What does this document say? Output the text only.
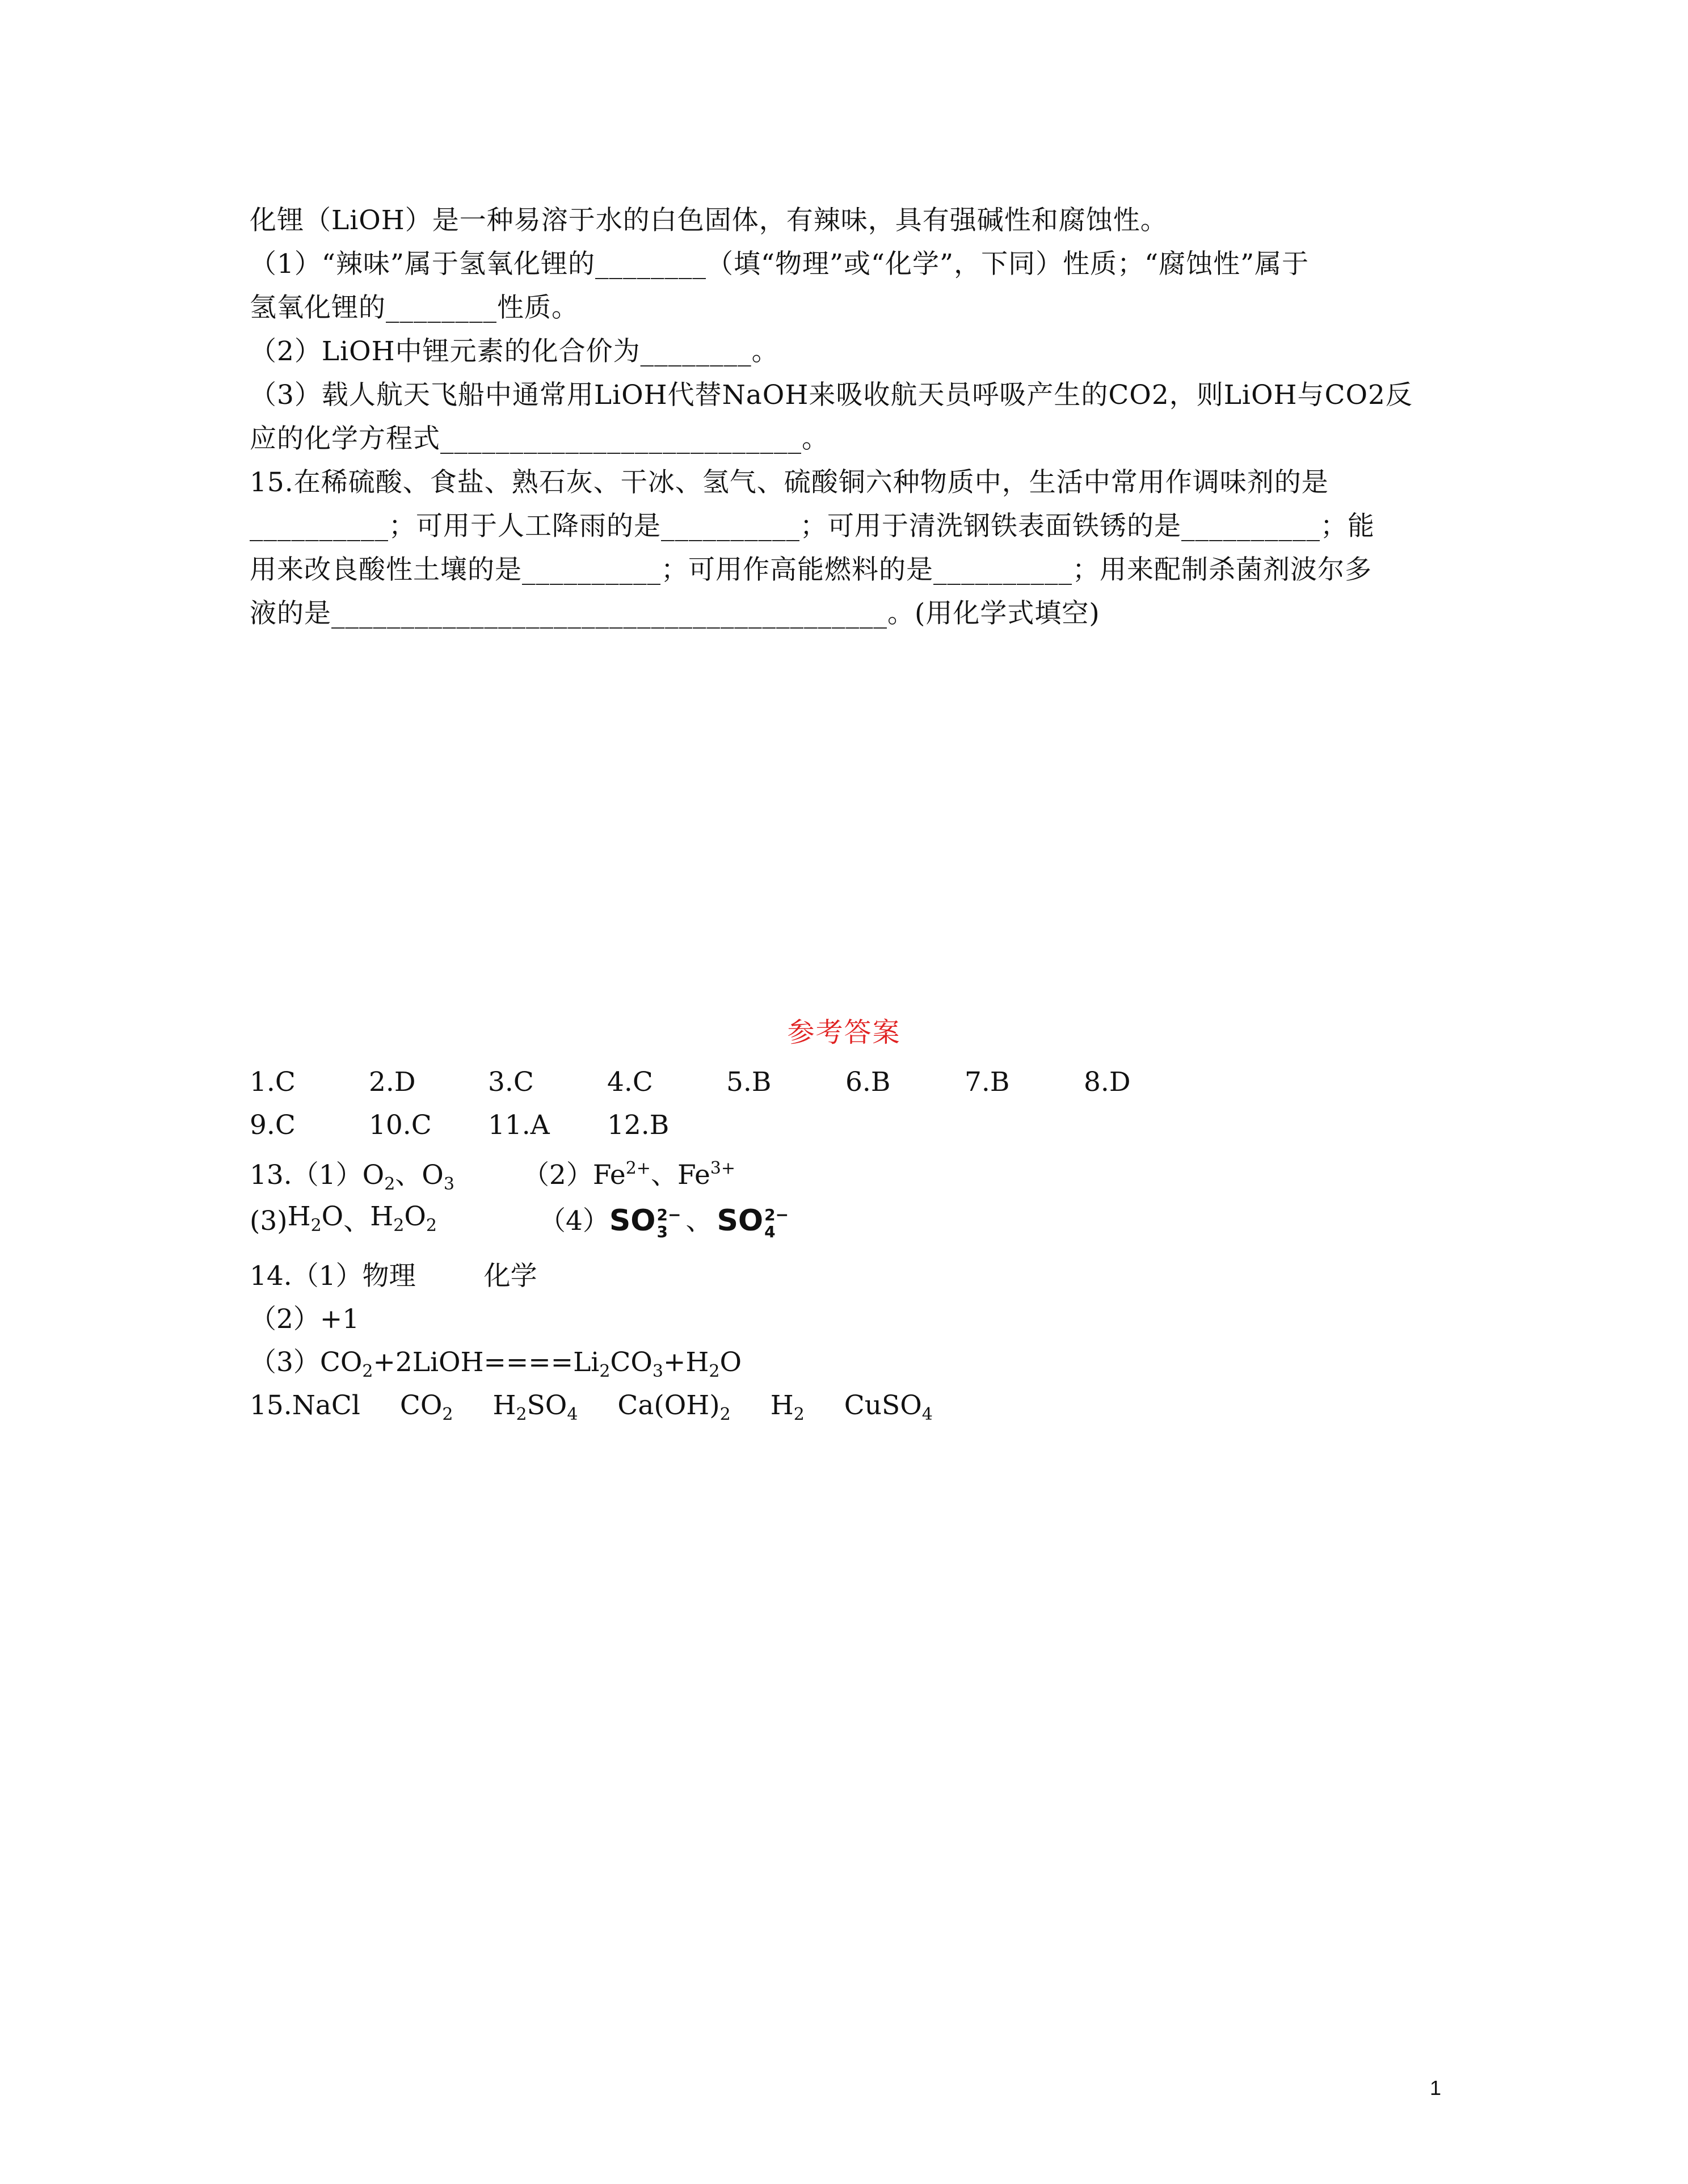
化锂（LiOH）是一种易溶于水的白色固体，有辣味，具有强碱性和腐蚀性。

（1）“辣味”属于氢氧化锂的________（填“物理”或“化学”，下同）性质；“腐蚀性”属于

氢氧化锂的________性质。

（2）LiOH中锂元素的化合价为________。

（3）载人航天飞船中通常用LiOH代替NaOH来吸收航天员呼吸产生的CO2，则LiOH与CO2反

应的化学方程式__________________________。

15.在稀硫酸、食盐、熟石灰、干冰、氢气、硫酸铜六种物质中，生活中常用作调味剂的是

__________；可用于人工降雨的是__________；可用于清洗钢铁表面铁锈的是__________；能

用来改良酸性土壤的是__________；可用作高能燃料的是__________；用来配制杀菌剂波尔多

液的是________________________________________。(用化学式填空)

参考答案
1.C	2.D	3.C	4.C	5.B	6.B	7.B	8.D
9.C	10.C	11.A	12.B
13. （1） $O_2$ 、 $O_3$	（2） $Fe^{2+}$ 、 $Fe^{3+}$
(3) $H_2O$ 、 $H_2O_2$	（4） SO 2−
3 、 SO 2−
4
14.（1）物理	化学
（2）+1
$(3)CO_2+2LiOH====Li_2CO_3+H_2O$
15.NaCl $CO_2$ $H_2SO_4$ $Ca(OH)_2$ $H_2$ CuSO$_4$
1
